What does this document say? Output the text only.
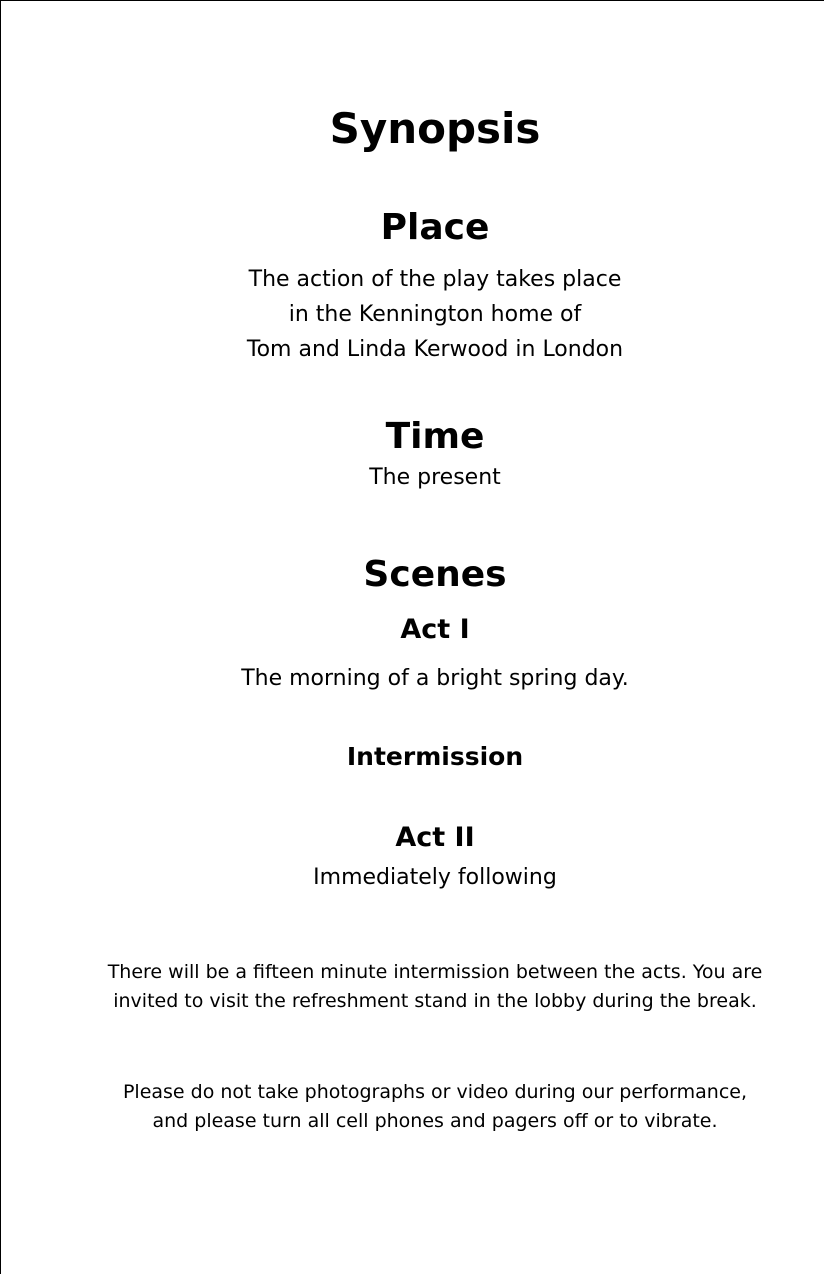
Synopsis
Place
The action of the play takes place
in the Kennington home of
Tom and Linda Kerwood in London
Time
The present
Scenes
Act I
The morning of a bright spring day.
Intermission
Act II
Immediately following
There will be a fifteen minute intermission between the acts. You are
invited to visit the refreshment stand in the lobby during the break.
Please do not take photographs or video during our performance,
and please turn all cell phones and pagers off or to vibrate.
